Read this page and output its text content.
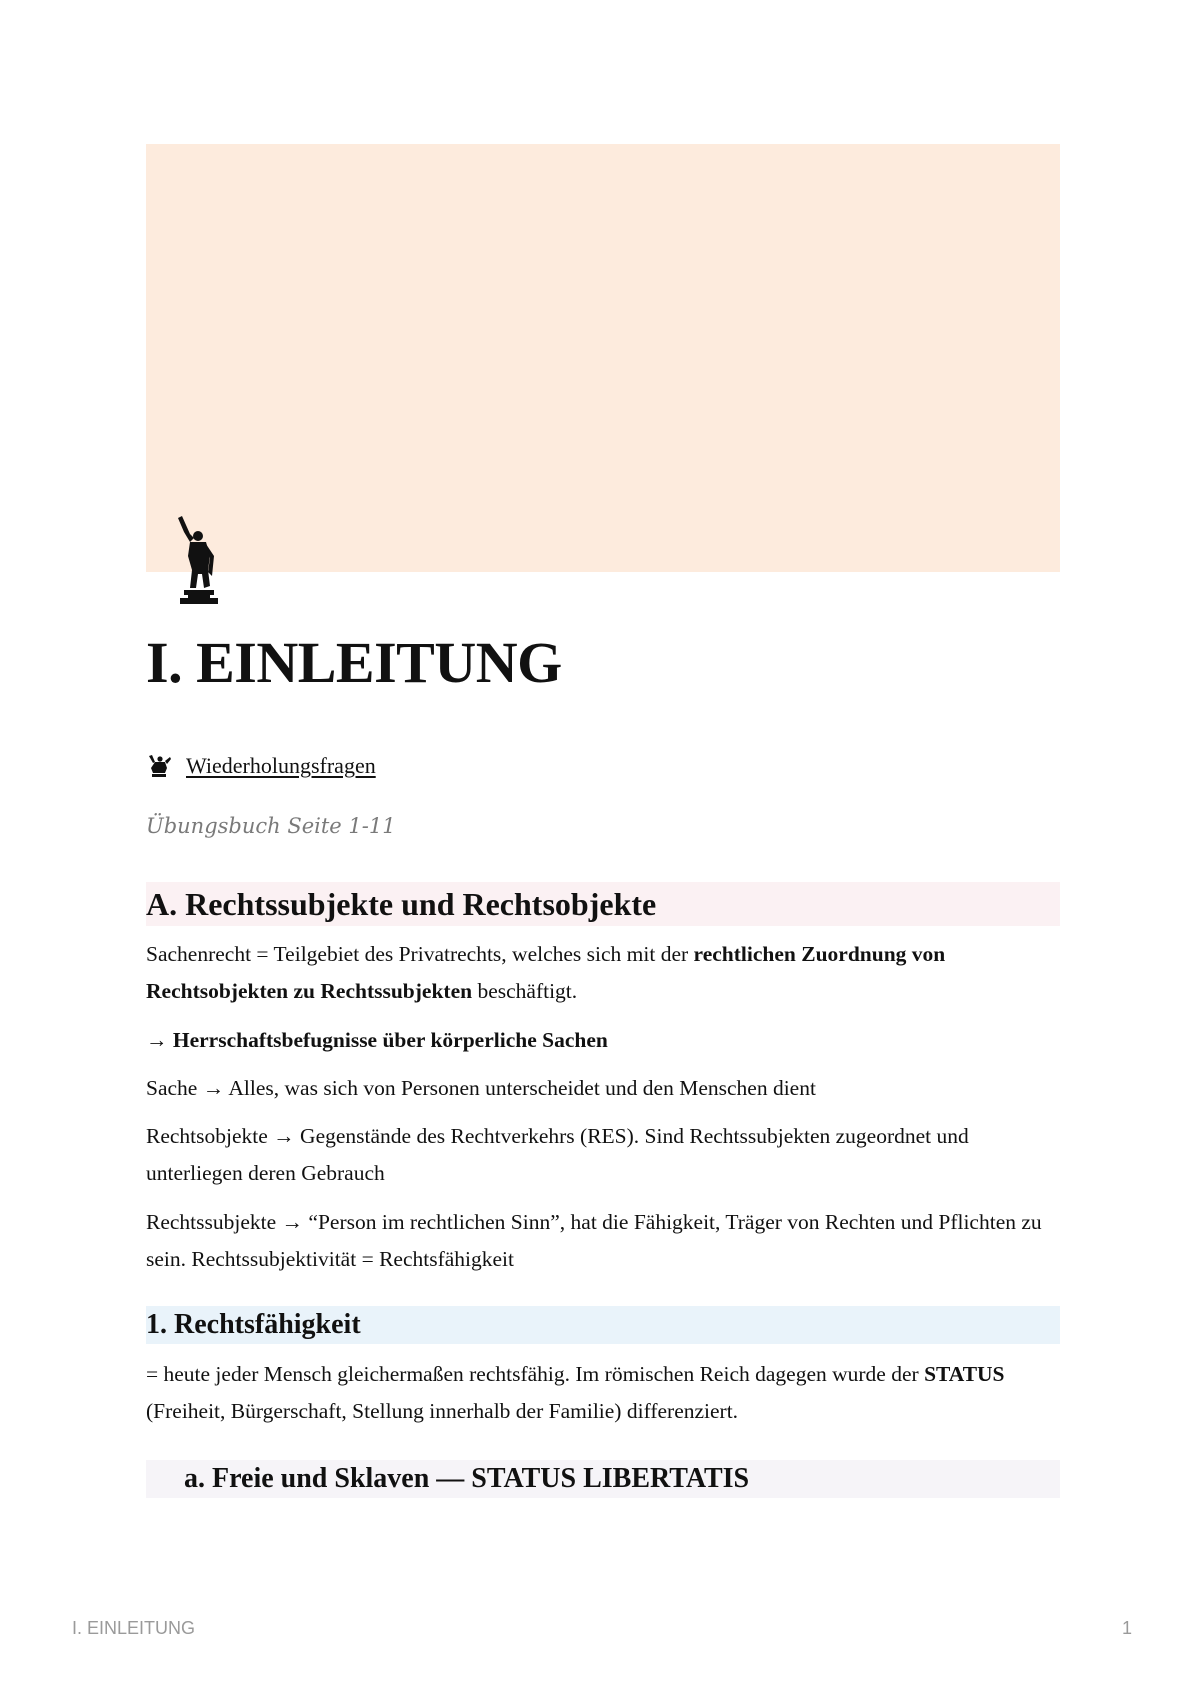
I. EINLEITUNG
Wiederholungsfragen

Übungsbuch Seite 1-11

A. Rechtssubjekte und Rechtsobjekte

Sachenrecht = Teilgebiet des Privatrechts, welches sich mit der rechtlichen Zuordnung von Rechtsobjekten zu Rechtssubjekten beschäftigt.

→ Herrschaftsbefugnisse über körperliche Sachen

Sache → Alles, was sich von Personen unterscheidet und den Menschen dient

Rechtsobjekte → Gegenstände des Rechtverkehrs (RES). Sind Rechtssubjekten zugeordnet und unterliegen deren Gebrauch

Rechtssubjekte → “Person im rechtlichen Sinn”, hat die Fähigkeit, Träger von Rechten und Pflichten zu sein. Rechtssubjektivität = Rechtsfähigkeit

1. Rechtsfähigkeit

= heute jeder Mensch gleichermaßen rechtsfähig. Im römischen Reich dagegen wurde der STATUS (Freiheit, Bürgerschaft, Stellung innerhalb der Familie) differenziert.

a. Freie und Sklaven — STATUS LIBERTATIS
I. EINLEITUNG	1
